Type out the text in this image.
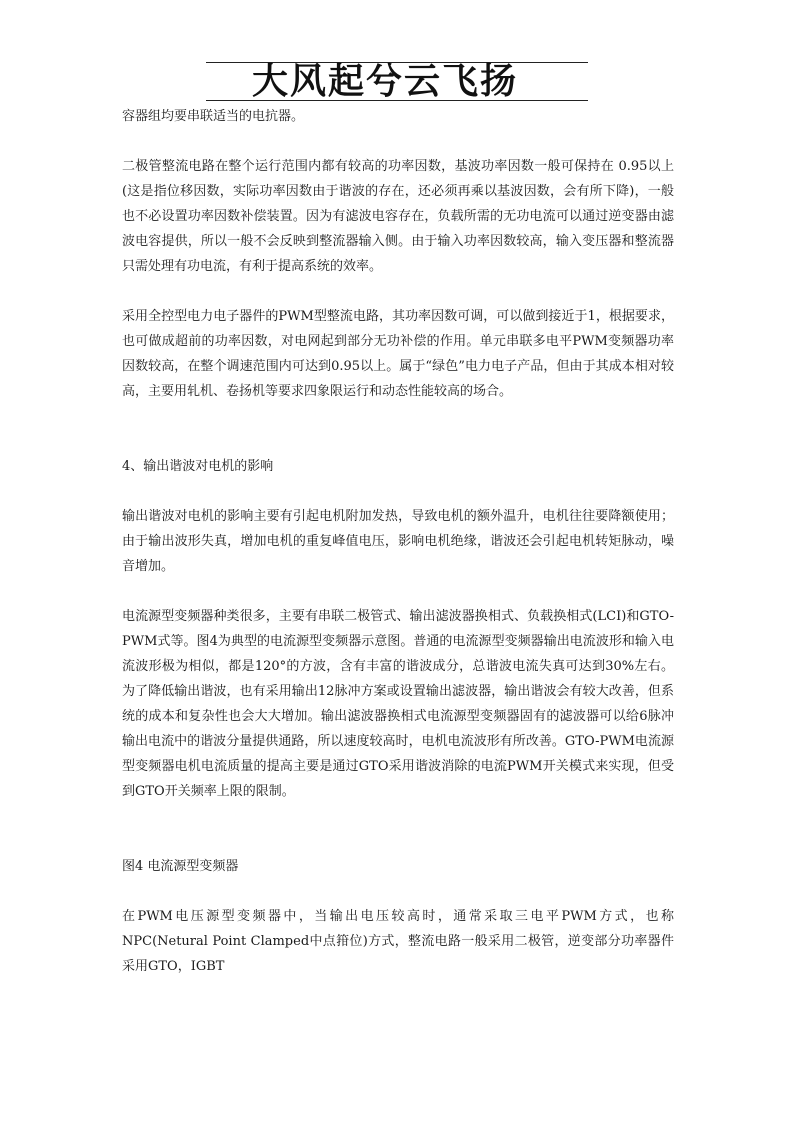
大风起兮云飞扬

容器组均要串联适当的电抗器。

二极管整流电路在整个运行范围内都有较高的功率因数，基波功率因数一般可保持在 0.95以上(这是指位移因数，实际功率因数由于谐波的存在，还必须再乘以基波因数，会有所下降)，一般也不必设置功率因数补偿装置。因为有滤波电容存在，负载所需的无功电流可以通过逆变器由滤波电容提供，所以一般不会反映到整流器输入侧。由于输入功率因数较高，输入变压器和整流器只需处理有功电流，有利于提高系统的效率。

采用全控型电力电子器件的PWM型整流电路，其功率因数可调，可以做到接近于1，根据要求，也可做成超前的功率因数，对电网起到部分无功补偿的作用。单元串联多电平PWM变频器功率因数较高，在整个调速范围内可达到0.95以上。属于“绿色”电力电子产品，但由于其成本相对较高，主要用轧机、卷扬机等要求四象限运行和动态性能较高的场合。

4、输出谐波对电机的影响

输出谐波对电机的影响主要有引起电机附加发热，导致电机的额外温升，电机往往要降额使用；由于输出波形失真，增加电机的重复峰值电压，影响电机绝缘，谐波还会引起电机转矩脉动，噪音增加。

电流源型变频器种类很多，主要有串联二极管式、输出滤波器换相式、负载换相式(LCI)和GTO-PWM式等。图4为典型的电流源型变频器示意图。普通的电流源型变频器输出电流波形和输入电流波形极为相似，都是120°的方波，含有丰富的谐波成分，总谐波电流失真可达到30%左右。为了降低输出谐波，也有采用输出12脉冲方案或设置输出滤波器，输出谐波会有较大改善，但系统的成本和复杂性也会大大增加。输出滤波器换相式电流源型变频器固有的滤波器可以给6脉冲输出电流中的谐波分量提供通路，所以速度较高时，电机电流波形有所改善。GTO-PWM电流源型变频器电机电流质量的提高主要是通过GTO采用谐波消除的电流PWM开关模式来实现，但受到GTO开关频率上限的限制。

图4 电流源型变频器

在PWM电压源型变频器中，当输出电压较高时，通常采取三电平PWM方式，也称NPC(Netural Point Clamped中点箝位)方式，整流电路一般采用二极管，逆变部分功率器件采用GTO，IGBT
